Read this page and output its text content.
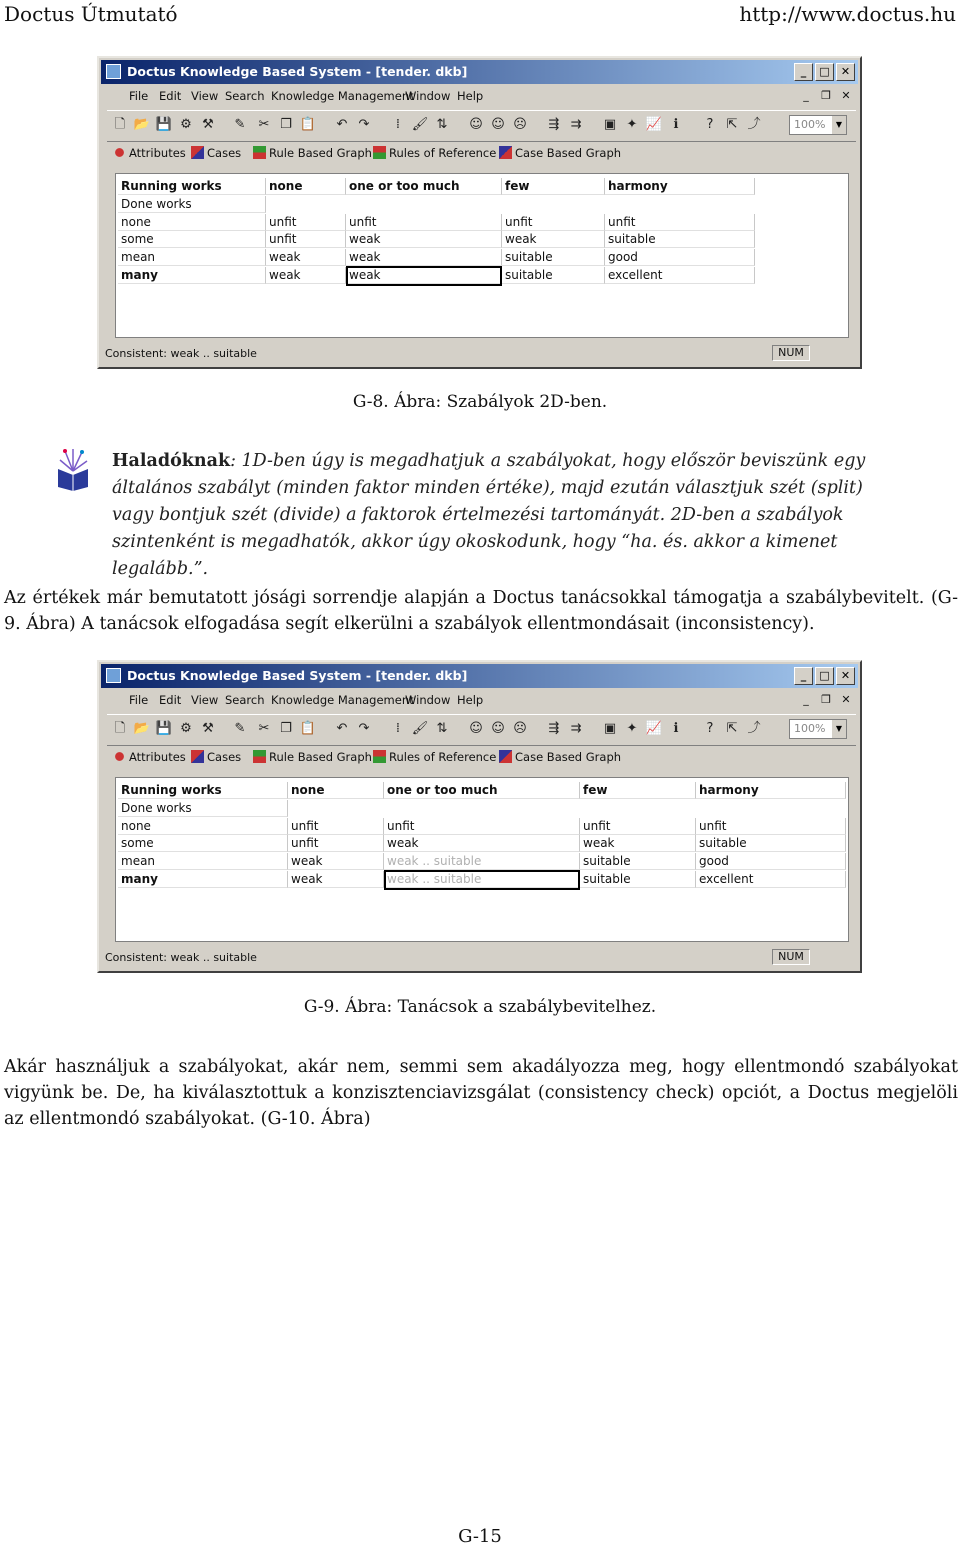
Doctus Útmutató	http://www.doctus.hu
Doctus Knowledge Based System - [tender. dkb]	_	□	✕
File Edit View Search Knowledge Management
Window Help	_	❐ ✕
🗋 📂 💾 ⚙ ⚒ ✎ ✂ ❐ 📋 ↶ ↷	⁞ 🖌 ⇅ ☺ ☺ ☹ ⇶ ⇉ ▣ ✦ 📈 ℹ	?	⇱ ⤴	100%	▼
Attributes	Cases	Rule Based Graph	Rules of Reference	Case Based Graph
Running works	none	one or too much	few	harmony
Done works
none	unfit	unfit	unfit	unfit
some	unfit	weak	weak	suitable
mean	weak	weak	suitable	good
many	weak	weak	suitable	excellent
Consistent: weak .. suitable	NUM
G-8. Ábra: Szabályok 2D-ben.
Haladóknak: 1D-ben úgy is megadhatjuk a szabályokat, hogy először beviszünk egy általános szabályt (minden faktor minden értéke), majd ezután választjuk szét (split) vagy bontjuk szét (divide) a faktorok értelmezési tartományát. 2D-ben a szabályok szintenként is megadhatók, akkor úgy okoskodunk, hogy “ha. és. akkor a kimenet legalább.”.
Az értékek már bemutatott jósági sorrendje alapján a Doctus tanácsokkal támogatja a szabálybevitelt. (G-9. Ábra) A tanácsok elfogadása segít elkerülni a szabályok ellentmondásait (inconsistency).
Doctus Knowledge Based System - [tender. dkb]	_	□	✕
File Edit View Search Knowledge Management
Window Help	_	❐ ✕
🗋 📂 💾 ⚙ ⚒ ✎ ✂ ❐ 📋 ↶ ↷	⁞ 🖌 ⇅ ☺ ☺ ☹ ⇶ ⇉ ▣ ✦ 📈 ℹ	?	⇱ ⤴	100%	▼
Attributes	Cases	Rule Based Graph	Rules of Reference	Case Based Graph
Running works	none	one or too much	few	harmony
Done works
none	unfit	unfit	unfit	unfit
some	unfit	weak	weak	suitable
mean	weak	weak .. suitable	suitable	good
many	weak	weak .. suitable	suitable	excellent
Consistent: weak .. suitable	NUM
G-9. Ábra: Tanácsok a szabálybevitelhez.
Akár használjuk a szabályokat, akár nem, semmi sem akadályozza meg, hogy ellentmondó szabályokat vigyünk be. De, ha kiválasztottuk a konzisztenciavizsgálat (consistency check) opciót, a Doctus megjelöli az ellentmondó szabályokat. (G-10. Ábra)
G-15
